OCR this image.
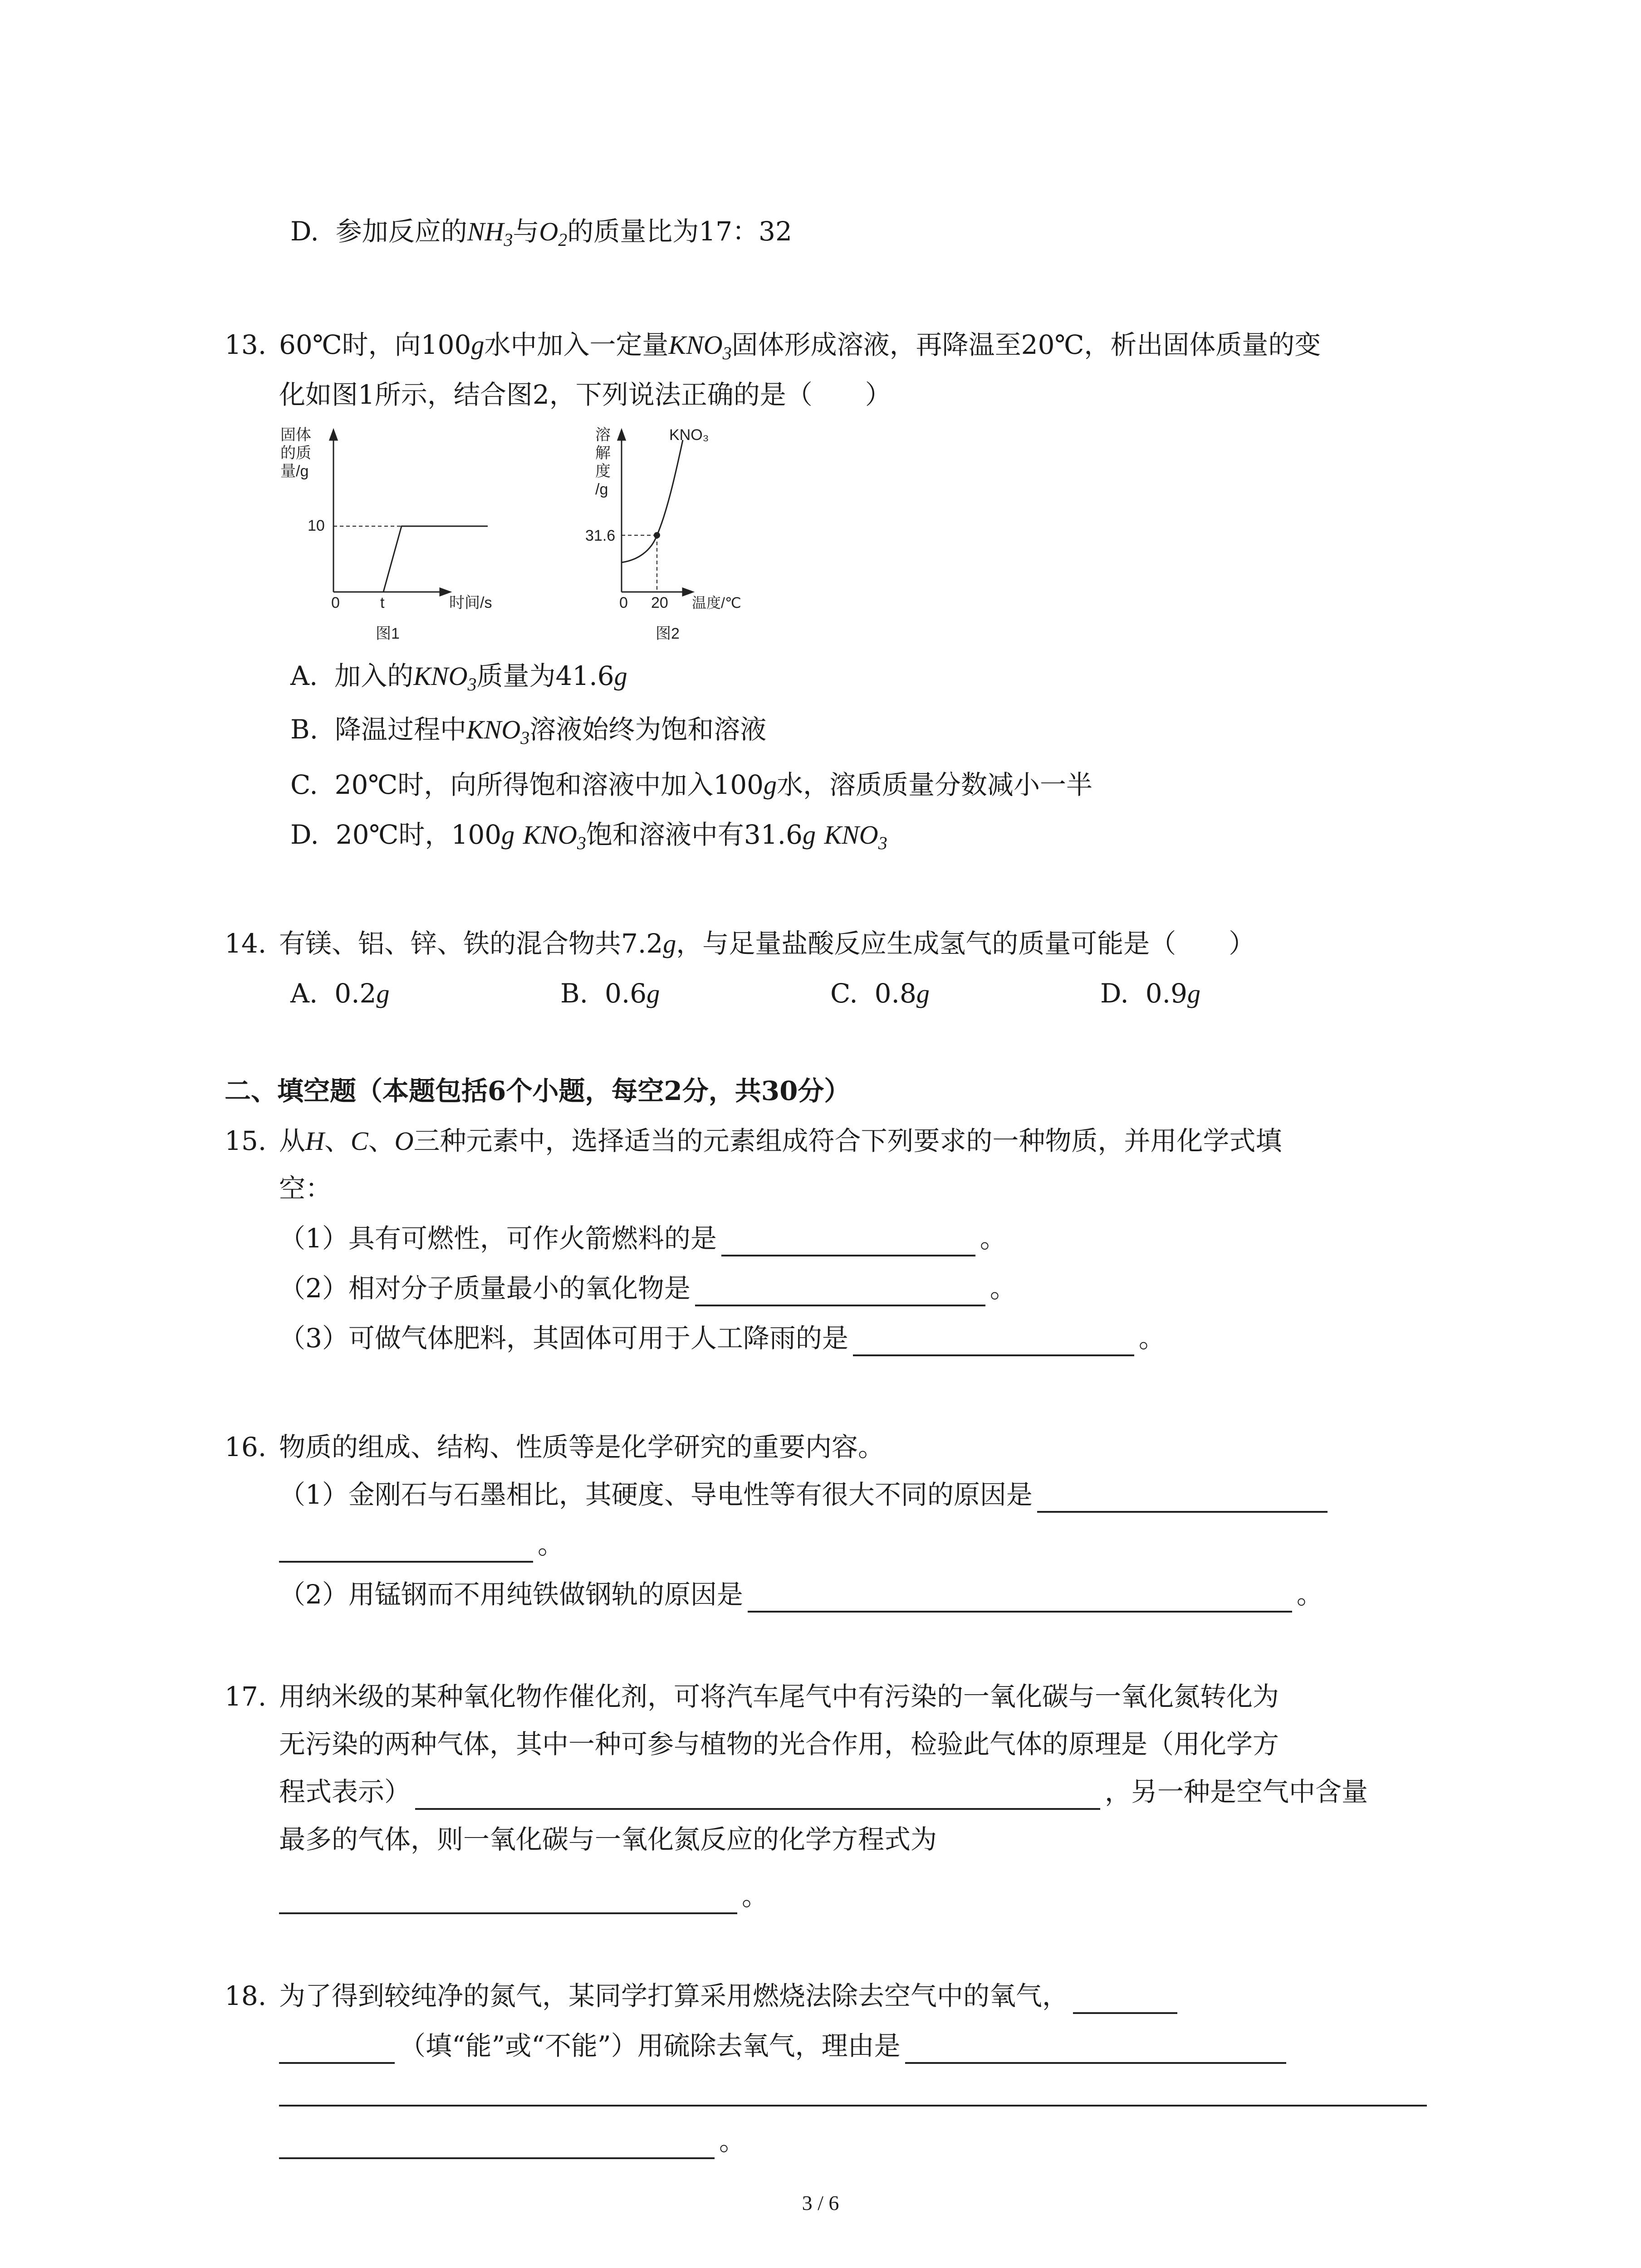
D. 参加反应的$NH_3$与$O_2$的质量比为17：32
13. 60℃时，向100g水中加入一定量$KNO_3$固体形成溶液，再降温至20℃，析出固体质量的变
化如图1所示，结合图2，下列说法正确的是（　　）
固体
的质
量/g
10
0	t	时间/s
图1
溶
解
度
/g
KNO₃
31.6
0 20 温度/℃
图2
A. 加入的$KNO_3$质量为41.6g
B. 降温过程中$KNO_3$溶液始终为饱和溶液
C. 20℃时，向所得饱和溶液中加入100g水，溶质质量分数减小一半
D. 20℃时，100g $KNO_3$饱和溶液中有31.6g $KNO_3$
14. 有镁、铝、锌、铁的混合物共7.2g，与足量盐酸反应生成氢气的质量可能是（　　）
A. 0.2g	B. 0.6g	C. 0.8g	D. 0.9g
二、填空题（本题包括6个小题，每空2分，共30分）
15. 从H、C、O三种元素中，选择适当的元素组成符合下列要求的一种物质，并用化学式填
空：
（1）具有可燃性，可作火箭燃料的是	。
（2）相对分子质量最小的氧化物是	。
（3）可做气体肥料，其固体可用于人工降雨的是	。
16. 物质的组成、结构、性质等是化学研究的重要内容。
（1）金刚石与石墨相比，其硬度、导电性等有很大不同的原因是
。
（2）用锰钢而不用纯铁做钢轨的原因是	。
17. 用纳米级的某种氧化物作催化剂，可将汽车尾气中有污染的一氧化碳与一氧化氮转化为
无污染的两种气体，其中一种可参与植物的光合作用，检验此气体的原理是（用化学方
程式表示）	，另一种是空气中含量
最多的气体，则一氧化碳与一氧化氮反应的化学方程式为
。
18. 为了得到较纯净的氮气，某同学打算采用燃烧法除去空气中的氧气，
（填“能”或“不能”）用硫除去氧气，理由是
。
3 / 6
